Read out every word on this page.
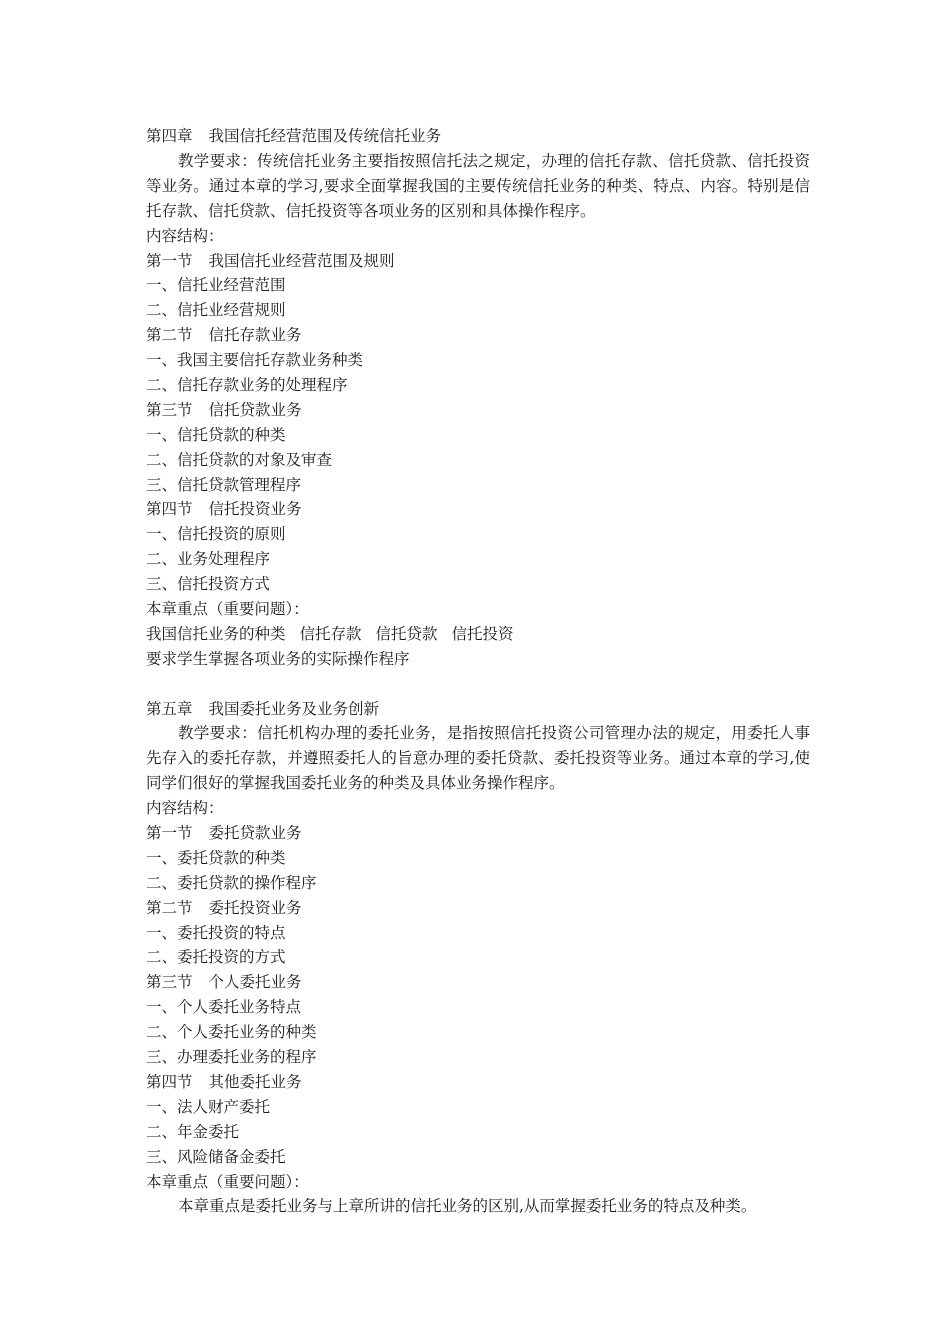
第四章 我国信托经营范围及传统信托业务
教学要求：传统信托业务主要指按照信托法之规定，办理的信托存款、信托贷款、信托投资等业务。通过本章的学习,要求全面掌握我国的主要传统信托业务的种类、特点、内容。特别是信托存款、信托贷款、信托投资等各项业务的区别和具体操作程序。
内容结构：
第一节 我国信托业经营范围及规则
一、信托业经营范围
二、信托业经营规则
第二节 信托存款业务
一、我国主要信托存款业务种类
二、信托存款业务的处理程序
第三节 信托贷款业务
一、信托贷款的种类
二、信托贷款的对象及审查
三、信托贷款管理程序
第四节 信托投资业务
一、信托投资的原则
二、业务处理程序
三、信托投资方式
本章重点（重要问题）：
我国信托业务的种类 信托存款 信托贷款 信托投资
要求学生掌握各项业务的实际操作程序
第五章 我国委托业务及业务创新
教学要求：信托机构办理的委托业务，是指按照信托投资公司管理办法的规定，用委托人事先存入的委托存款，并遵照委托人的旨意办理的委托贷款、委托投资等业务。通过本章的学习,使同学们很好的掌握我国委托业务的种类及具体业务操作程序。
内容结构：
第一节 委托贷款业务
一、委托贷款的种类
二、委托贷款的操作程序
第二节 委托投资业务
一、委托投资的特点
二、委托投资的方式
第三节 个人委托业务
一、个人委托业务特点
二、个人委托业务的种类
三、办理委托业务的程序
第四节 其他委托业务
一、法人财产委托
二、年金委托
三、风险储备金委托
本章重点（重要问题）：
本章重点是委托业务与上章所讲的信托业务的区别,从而掌握委托业务的特点及种类。
